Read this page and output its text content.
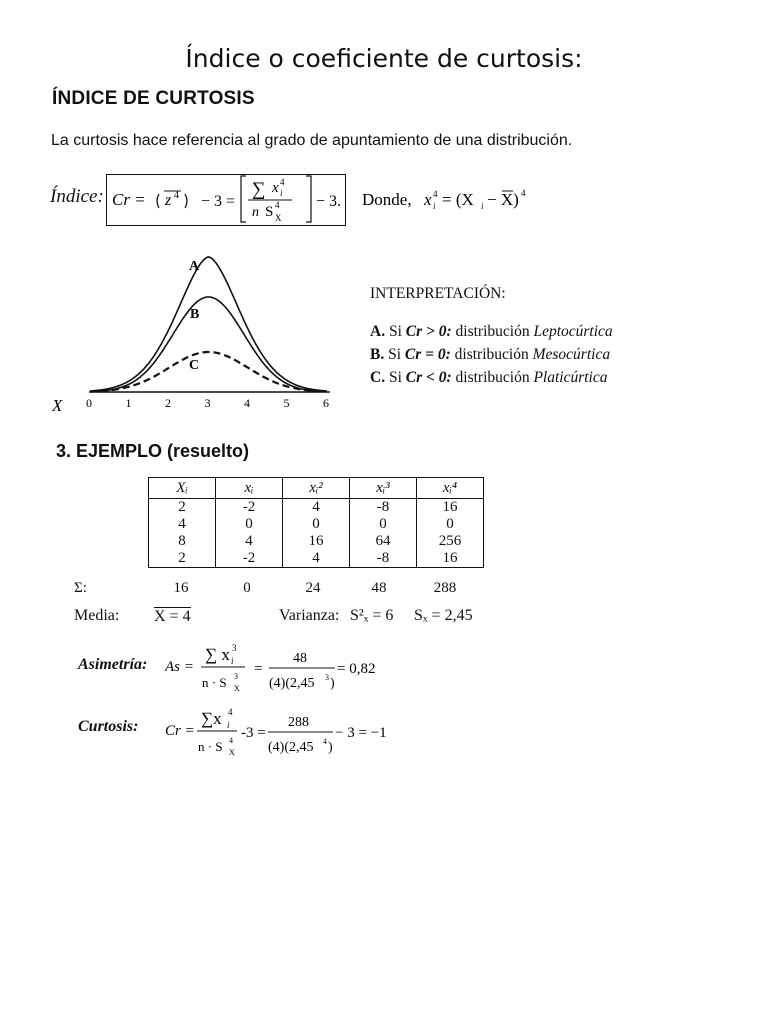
Índice o coeficiente de curtosis:
ÍNDICE DE CURTOSIS
La curtosis hace referencia al grado de apuntamiento de una distribución.
Índice: Cr = z 4 − 3 =
∑ x i
4
n S 4
X
− 3. Donde, x i
4 = (X i − X) 4
A
B
C
X 0	1	2	3	4	5	6
INTERPRETACIÓN:
A. Si Cr > 0: distribución Leptocúrtica
B. Si Cr = 0: distribución Mesocúrtica
C. Si Cr < 0: distribución Platicúrtica
3. EJEMPLO (resuelto)
Xᵢ	xᵢ	xᵢ²	xᵢ³	xᵢ⁴
2	-2	4	-8	16
4	0	0	0	0
8	4	16	64	256
2	-2	4	-8	16
Σ:	16	0	24	48	288
Media: X = 4	Varianza: S²ₓ = 6 Sₓ = 2,45
Asimetría: As =
∑ x i
3
n · S X
3 =
48
(4)(2,45 3 )
= 0,82
Curtosis: Cr =
∑x i
4
n · S X
4 -3 =
288
(4)(2,45 4 )
− 3 = −1
